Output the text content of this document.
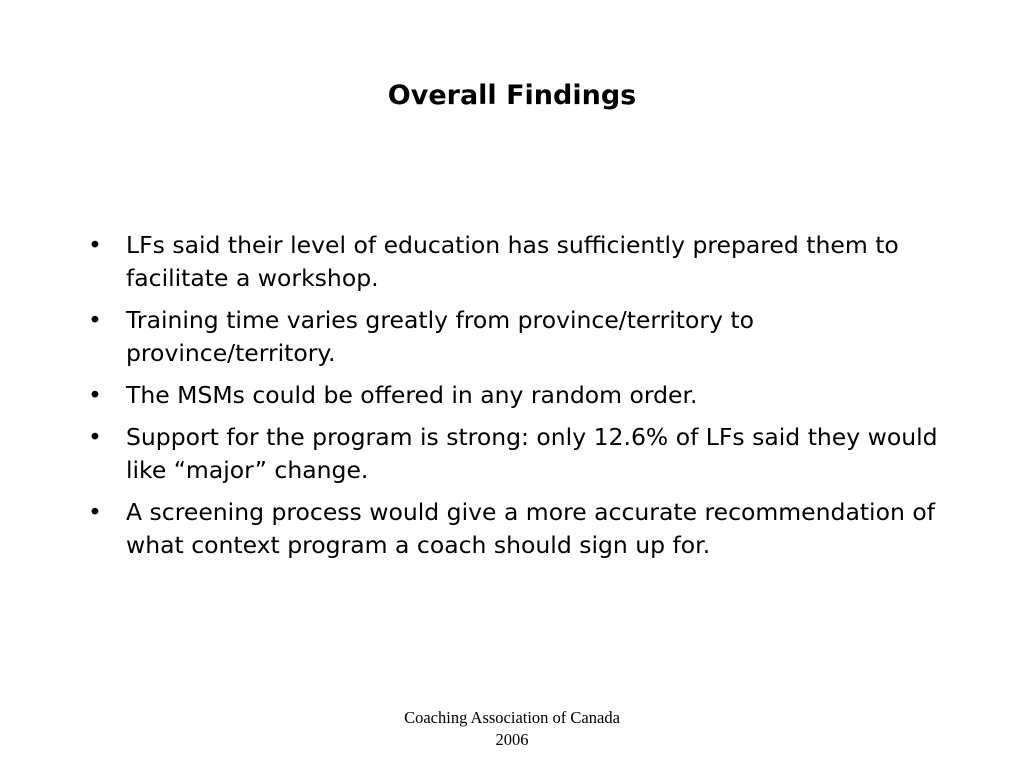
Overall Findings
• LFs said their level of education has sufficiently prepared them to facilitate a workshop.
• Training time varies greatly from province/territory to province/territory.
• The MSMs could be offered in any random order.
• Support for the program is strong: only 12.6% of LFs said they would like “major” change.
• A screening process would give a more accurate recommendation of what context program a coach should sign up for.
Coaching Association of Canada
2006
